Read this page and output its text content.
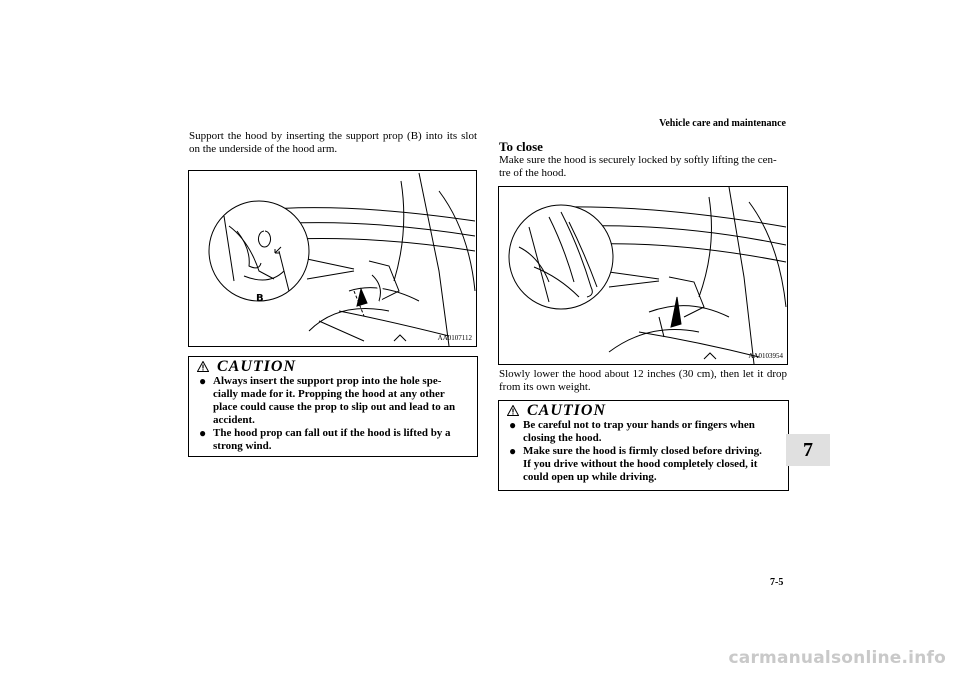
Vehicle care and maintenance
Support the hood by inserting the support prop (B) into its slot
on the underside of the hood arm.
B
AA0107112
CAUTION
● Always insert the support prop into the hole spe-
cially made for it. Propping the hood at any other
place could cause the prop to slip out and lead to an
accident.
● The hood prop can fall out if the hood is lifted by a
strong wind.
To close
Make sure the hood is securely locked by softly lifting the cen-
tre of the hood.
AA0103954
Slowly lower the hood about 12 inches (30 cm), then let it drop
from its own weight.
CAUTION
● Be careful not to trap your hands or fingers when
closing the hood.
● Make sure the hood is firmly closed before driving.
If you drive without the hood completely closed, it
could open up while driving.
7
7-5
carmanualsonline.info
